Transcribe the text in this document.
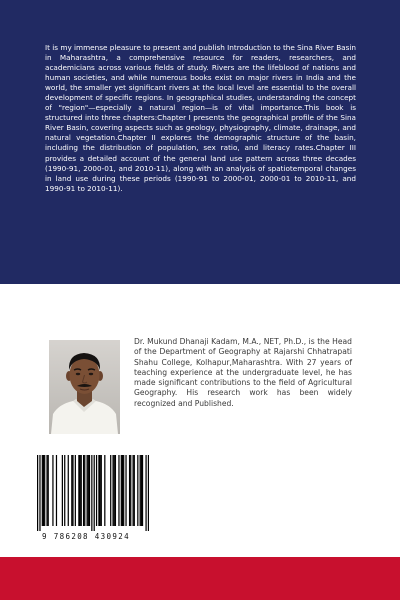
It is my immense pleasure to present and publish Introduction to the Sina River Basin in Maharashtra, a comprehensive resource for readers, researchers, and academicians across various fields of study. Rivers are the lifeblood of nations and human societies, and while numerous books exist on major rivers in India and the world, the smaller yet significant rivers at the local level are essential to the overall development of specific regions. In geographical studies, understanding the concept of "region"—especially a natural region—is of vital importance.This book is structured into three chapters:Chapter I presents the geographical profile of the Sina River Basin, covering aspects such as geology, physiography, climate, drainage, and natural vegetation.Chapter II explores the demographic structure of the basin, including the distribution of population, sex ratio, and literacy rates.Chapter III provides a detailed account of the general land use pattern across three decades (1990-91, 2000-01, and 2010-11), along with an analysis of spatiotemporal changes in land use during these periods (1990-91 to 2000-01, 2000-01 to 2010-11, and 1990-91 to 2010-11).

Dr. Mukund Dhanaji Kadam, M.A., NET, Ph.D., is the Head of the Department of Geography at Rajarshi Chhatrapati Shahu College, Kolhapur,Maharashtra. With 27 years of teaching experience at the undergraduate level, he has made significant contributions to the field of Agricultural Geography. His research work has been widely recognized and Published.

9 786208 430924
